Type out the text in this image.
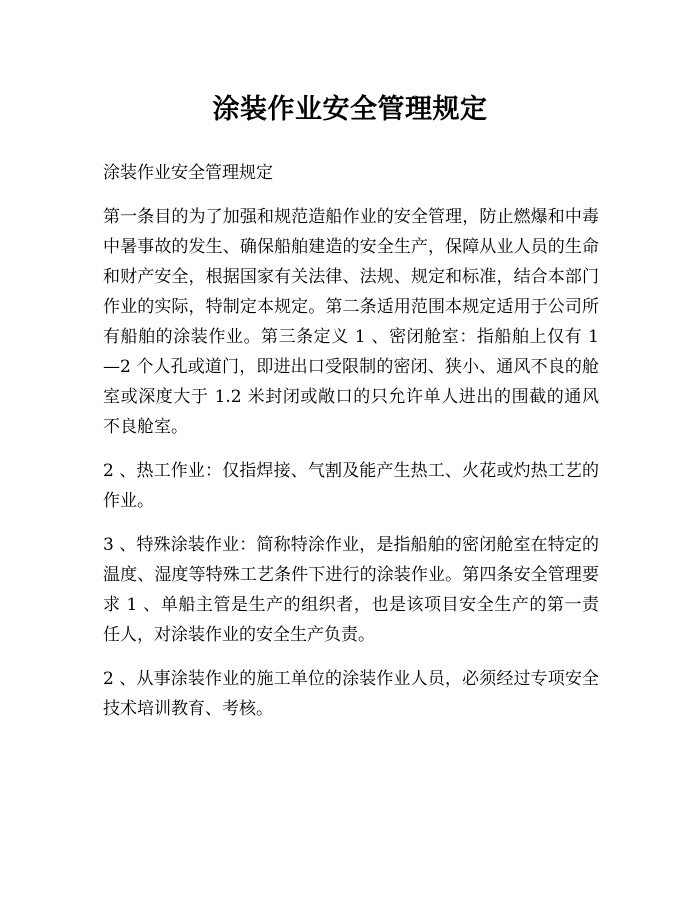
涂装作业安全管理规定

涂装作业安全管理规定

第一条目的为了加强和规范造船作业的安全管理，防止燃爆和中毒中暑事故的发生、确保船舶建造的安全生产，保障从业人员的生命和财产安全，根据国家有关法律、法规、规定和标准，结合本部门作业的实际，特制定本规定。第二条适用范围本规定适用于公司所有船舶的涂装作业。第三条定义 1 、密闭舱室：指船舶上仅有 1—2 个人孔或道门，即进出口受限制的密闭、狭小、通风不良的舱室或深度大于 1.2 米封闭或敞口的只允许单人进出的围截的通风不良舱室。

2 、热工作业：仅指焊接、气割及能产生热工、火花或灼热工艺的作业。

3 、特殊涂装作业：简称特涂作业，是指船舶的密闭舱室在特定的温度、湿度等特殊工艺条件下进行的涂装作业。第四条安全管理要求 1 、单船主管是生产的组织者，也是该项目安全生产的第一责任人，对涂装作业的安全生产负责。

2 、从事涂装作业的施工单位的涂装作业人员，必须经过专项安全技术培训教育、考核。
